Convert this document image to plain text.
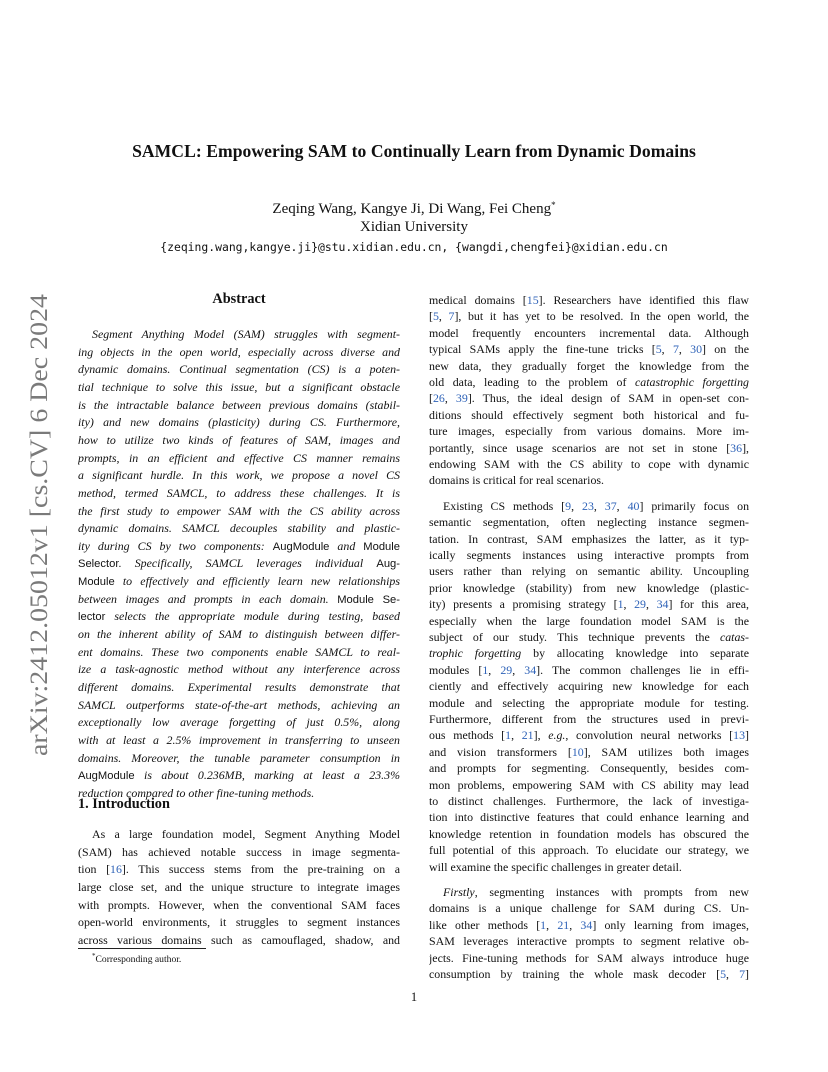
arXiv:2412.05012v1 [cs.CV] 6 Dec 2024
SAMCL: Empowering SAM to Continually Learn from Dynamic Domains
Zeqing Wang, Kangye Ji, Di Wang, Fei Cheng*
Xidian University
{zeqing.wang,kangye.ji}@stu.xidian.edu.cn, {wangdi,chengfei}@xidian.edu.cn
Abstract
Segment Anything Model (SAM) struggles with segment-
ing objects in the open world, especially across diverse and
dynamic domains. Continual segmentation (CS) is a poten-
tial technique to solve this issue, but a significant obstacle
is the intractable balance between previous domains (stabil-
ity) and new domains (plasticity) during CS. Furthermore,
how to utilize two kinds of features of SAM, images and
prompts, in an efficient and effective CS manner remains
a significant hurdle. In this work, we propose a novel CS
method, termed SAMCL, to address these challenges. It is
the first study to empower SAM with the CS ability across
dynamic domains. SAMCL decouples stability and plastic-
ity during CS by two components: AugModule and Module
Selector. Specifically, SAMCL leverages individual Aug-
Module to effectively and efficiently learn new relationships
between images and prompts in each domain. Module Se-
lector selects the appropriate module during testing, based
on the inherent ability of SAM to distinguish between differ-
ent domains. These two components enable SAMCL to real-
ize a task-agnostic method without any interference across
different domains. Experimental results demonstrate that
SAMCL outperforms state-of-the-art methods, achieving an
exceptionally low average forgetting of just 0.5%, along
with at least a 2.5% improvement in transferring to unseen
domains. Moreover, the tunable parameter consumption in
AugModule is about 0.236MB, marking at least a 23.3%
reduction compared to other fine-tuning methods.
1. Introduction
As a large foundation model, Segment Anything Model
(SAM) has achieved notable success in image segmenta-
tion [16]. This success stems from the pre-training on a
large close set, and the unique structure to integrate images
with prompts. However, when the conventional SAM faces
open-world environments, it struggles to segment instances
across various domains such as camouflaged, shadow, and
*Corresponding author.
medical domains [15]. Researchers have identified this flaw
[5, 7], but it has yet to be resolved. In the open world, the
model frequently encounters incremental data. Although
typical SAMs apply the fine-tune tricks [5, 7, 30] on the
new data, they gradually forget the knowledge from the
old data, leading to the problem of catastrophic forgetting
[26, 39]. Thus, the ideal design of SAM in open-set con-
ditions should effectively segment both historical and fu-
ture images, especially from various domains. More im-
portantly, since usage scenarios are not set in stone [36],
endowing SAM with the CS ability to cope with dynamic
domains is critical for real scenarios.
Existing CS methods [9, 23, 37, 40] primarily focus on
semantic segmentation, often neglecting instance segmen-
tation. In contrast, SAM emphasizes the latter, as it typ-
ically segments instances using interactive prompts from
users rather than relying on semantic ability. Uncoupling
prior knowledge (stability) from new knowledge (plastic-
ity) presents a promising strategy [1, 29, 34] for this area,
especially when the large foundation model SAM is the
subject of our study. This technique prevents the catas-
trophic forgetting by allocating knowledge into separate
modules [1, 29, 34]. The common challenges lie in effi-
ciently and effectively acquiring new knowledge for each
module and selecting the appropriate module for testing.
Furthermore, different from the structures used in previ-
ous methods [1, 21], e.g., convolution neural networks [13]
and vision transformers [10], SAM utilizes both images
and prompts for segmenting. Consequently, besides com-
mon problems, empowering SAM with CS ability may lead
to distinct challenges. Furthermore, the lack of investiga-
tion into distinctive features that could enhance learning and
knowledge retention in foundation models has obscured the
full potential of this approach. To elucidate our strategy, we
will examine the specific challenges in greater detail.
Firstly, segmenting instances with prompts from new
domains is a unique challenge for SAM during CS. Un-
like other methods [1, 21, 34] only learning from images,
SAM leverages interactive prompts to segment relative ob-
jects. Fine-tuning methods for SAM always introduce huge
consumption by training the whole mask decoder [5, 7]
1
